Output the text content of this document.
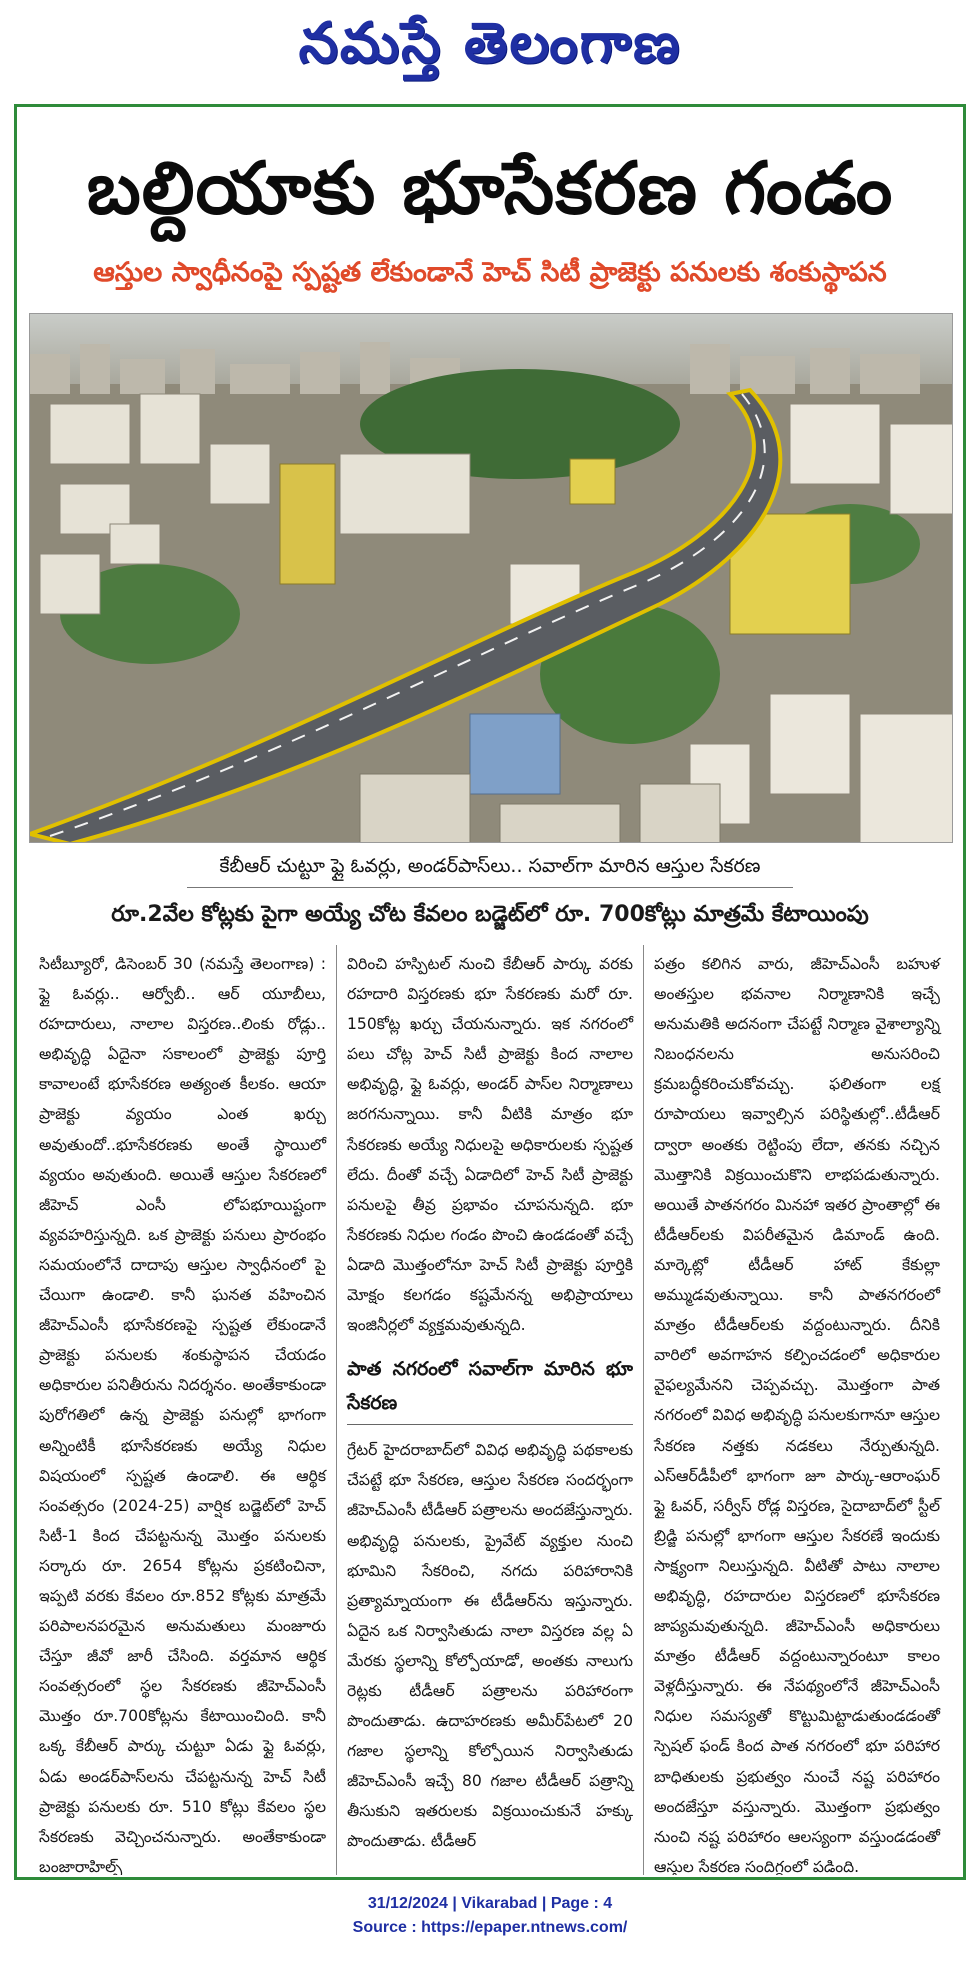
నమస్తే తెలంగాణ
బల్దియాకు భూసేకరణ గండం
ఆస్తుల స్వాధీనంపై స్పష్టత లేకుండానే హెచ్ సిటీ ప్రాజెక్టు పనులకు శంకుస్థాపన
కేబీఆర్ చుట్టూ ఫ్లై ఓవర్లు, అండర్‌పాస్‌లు.. సవాల్‌గా మారిన ఆస్తుల సేకరణ
రూ.2వేల కోట్లకు పైగా అయ్యే చోట కేవలం బడ్జెట్‌లో రూ. 700కోట్లు మాత్రమే కేటాయింపు

సిటీబ్యూరో, డిసెంబర్ 30 (నమస్తే తెలంగాణ) : ఫ్లై ఓవర్లు.. ఆర్వోబీ.. ఆర్ యూబీలు, రహదారులు, నాలాల విస్తరణ..లింకు రోడ్లు.. అభివృద్ధి ఏదైనా సకాలంలో ప్రాజెక్టు పూర్తి కావాలంటే భూసేకరణ అత్యంత కీలకం. ఆయా ప్రాజెక్టు వ్యయం ఎంత ఖర్చు అవుతుందో..భూసేకరణకు అంతే స్థాయిలో వ్యయం అవుతుంది. అయితే ఆస్తుల సేకరణలో జీహెచ్ ఎంసీ లోపభూయిష్టంగా వ్యవహరిస్తున్నది. ఒక ప్రాజెక్టు పనులు ప్రారంభం సమయంలోనే దాదాపు ఆస్తుల స్వాధీనంలో పై చేయిగా ఉండాలి. కానీ ఘనత వహించిన జీహెచ్‌ఎంసీ భూసేకరణపై స్పష్టత లేకుండానే ప్రాజెక్టు పనులకు శంకుస్థాపన చేయడం అధికారుల పనితీరును నిదర్శనం. అంతేకాకుండా పురోగతిలో ఉన్న ప్రాజెక్టు పనుల్లో భాగంగా అన్నింటికీ భూసేకరణకు అయ్యే నిధుల విషయంలో స్పష్టత ఉండాలి. ఈ ఆర్థిక సంవత్సరం (2024-25) వార్షిక బడ్జెట్‌లో హెచ్ సిటీ-1 కింద చేపట్టనున్న మొత్తం పనులకు సర్కారు రూ. 2654 కోట్లను ప్రకటించినా, ఇప్పటి వరకు కేవలం రూ.852 కోట్లకు మాత్రమే పరిపాలనపరమైన అనుమతులు మంజూరు చేస్తూ జీవో జారీ చేసింది. వర్తమాన ఆర్థిక సంవత్సరంలో స్థల సేకరణకు జీహెచ్‌ఎంసీ మొత్తం రూ.700కోట్లను కేటాయించింది. కానీ ఒక్క కేబీఆర్ పార్కు చుట్టూ ఏడు ఫ్లై ఓవర్లు, ఏడు అండర్‌పాస్‌లను చేపట్టనున్న హెచ్ సిటీ ప్రాజెక్టు పనులకు రూ. 510 కోట్లు కేవలం స్థల సేకరణకు వెచ్చించనున్నారు. అంతేకాకుండా బంజారాహిల్స్

విరించి హస్పిటల్ నుంచి కేబీఆర్ పార్కు వరకు రహదారి విస్తరణకు భూ సేకరణకు మరో రూ. 150కోట్ల ఖర్చు చేయనున్నారు. ఇక నగరంలో పలు చోట్ల హెచ్ సిటీ ప్రాజెక్టు కింద నాలాల అభివృద్ధి, ఫ్లై ఓవర్లు, అండర్ పాస్‌ల నిర్మాణాలు జరగనున్నాయి. కానీ వీటికి మాత్రం భూ సేకరణకు అయ్యే నిధులపై అధికారులకు స్పష్టత లేదు. దీంతో వచ్చే ఏడాదిలో హెచ్ సిటీ ప్రాజెక్టు పనులపై తీవ్ర ప్రభావం చూపనున్నది. భూ సేకరణకు నిధుల గండం పొంచి ఉండడంతో వచ్చే ఏడాది మొత్తంలోనూ హెచ్ సిటీ ప్రాజెక్టు పూర్తికి మోక్షం కలగడం కష్టమేనన్న అభిప్రాయాలు ఇంజినీర్లలో వ్యక్తమవుతున్నది.

పాత నగరంలో సవాల్‌గా మారిన భూ సేకరణ

గ్రేటర్ హైదరాబాద్‌లో వివిధ అభివృద్ధి పథకాలకు చేపట్టే భూ సేకరణ, ఆస్తుల సేకరణ సందర్భంగా జీహెచ్‌ఎంసీ టీడీఆర్ పత్రాలను అందజేస్తున్నారు. అభివృద్ధి పనులకు, ప్రైవేట్ వ్యక్తుల నుంచి భూమిని సేకరించి, నగదు పరిహారానికి ప్రత్యామ్నాయంగా ఈ టీడీఆర్‌ను ఇస్తున్నారు. ఏదైన ఒక నిర్వాసితుడు నాలా విస్తరణ వల్ల ఏ మేరకు స్థలాన్ని కోల్పోయాడో, అంతకు నాలుగు రెట్లకు టీడీఆర్ పత్రాలను పరిహారంగా పొందుతాడు. ఉదాహరణకు అమీర్‌పేటలో 20 గజాల స్థలాన్ని కోల్పోయిన నిర్వాసితుడు జీహెచ్‌ఎంసీ ఇచ్చే 80 గజాల టీడీఆర్ పత్రాన్ని తీసుకుని ఇతరులకు విక్రయించుకునే హక్కు పొందుతాడు. టీడీఆర్

పత్రం కలిగిన వారు, జీహెచ్‌ఎంసీ బహుళ అంతస్తుల భవనాల నిర్మాణానికి ఇచ్చే అనుమతికి అదనంగా చేపట్టే నిర్మాణ వైశాల్యాన్ని నిబంధనలను అనుసరించి క్రమబద్ధీకరించుకోవచ్చు. ఫలితంగా లక్ష రూపాయలు ఇవ్వాల్సిన పరిస్థితుల్లో..టీడీఆర్ ద్వారా అంతకు రెట్టింపు లేదా, తనకు నచ్చిన మొత్తానికి విక్రయించుకొని లాభపడుతున్నారు. అయితే పాతనగరం మినహా ఇతర ప్రాంతాల్లో ఈ టీడీఆర్‌లకు విపరీతమైన డిమాండ్ ఉంది. మార్కెట్లో టీడీఆర్ హాట్ కేకుల్లా అమ్ముడవుతున్నాయి. కానీ పాతనగరంలో మాత్రం టీడీఆర్‌లకు వద్దంటున్నారు. దీనికి వారిలో అవగాహన కల్పించడంలో అధికారుల వైఫల్యమేనని చెప్పవచ్చు. మొత్తంగా పాత నగరంలో వివిధ అభివృద్ధి పనులకుగానూ ఆస్తుల సేకరణ నత్తకు నడకలు నేర్పుతున్నది. ఎస్‌ఆర్‌డీపీలో భాగంగా జూ పార్కు-ఆరాంఘర్ ఫ్లై ఓవర్, సర్వీస్ రోడ్ల విస్తరణ, సైదాబాద్‌లో స్టీల్ బ్రిడ్జి పనుల్లో భాగంగా ఆస్తుల సేకరణే ఇందుకు సాక్ష్యంగా నిలుస్తున్నది. వీటితో పాటు నాలాల అభివృద్ధి, రహదారుల విస్తరణలో భూసేకరణ జాప్యమవుతున్నది. జీహెచ్‌ఎంసీ అధికారులు మాత్రం టీడీఆర్ వద్దంటున్నారంటూ కాలం వెళ్లదీస్తున్నారు. ఈ నేపథ్యంలోనే జీహెచ్‌ఎంసీ నిధుల సమస్యతో కొట్టుమిట్టాడుతుండడంతో స్పెషల్ ఫండ్ కింద పాత నగరంలో భూ పరిహార బాధితులకు ప్రభుత్వం నుంచే నష్ట పరిహారం అందజేస్తూ వస్తున్నారు. మొత్తంగా ప్రభుత్వం నుంచి నష్ట పరిహారం ఆలస్యంగా వస్తుండడంతో ఆస్తుల సేకరణ సందిగ్ధంలో పడింది.

31/12/2024 | Vikarabad | Page : 4
Source : https://epaper.ntnews.com/
